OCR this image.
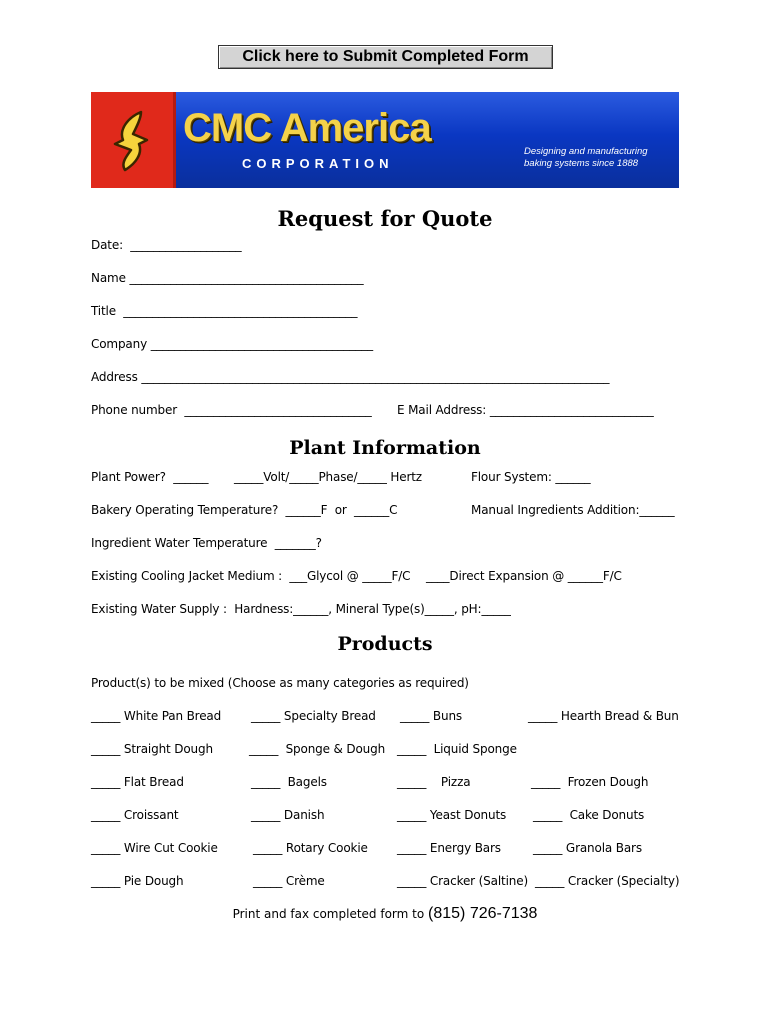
Click here to Submit Completed Form
CMC America
CORPORATION
Designing and manufacturing
baking systems since 1888
Request for Quote

Date:  ___________________

Name ________________________________________

Title  ________________________________________

Company ______________________________________

Address ________________________________________________________________________________

Phone number  ________________________________ E Mail Address: ____________________________
Plant Information
Plant Power?  ______ _____Volt/_____Phase/_____ Hertz	Flour System: ______
Bakery Operating Temperature?  ______F  or  ______C	Manual Ingredients Addition:______
Ingredient Water Temperature  _______?
Existing Cooling Jacket Medium :  ___Glycol @ _____F/C ____Direct Expansion @ ______F/C
Existing Water Supply :  Hardness:______, Mineral Type(s)_____, pH:_____
Products
Product(s) to be mixed (Choose as many categories as required)
_____ White Pan Bread _____ Specialty Bread _____ Buns	_____ Hearth Bread & Bun
_____ Straight Dough	_____  Sponge & Dough _____  Liquid Sponge
_____ Flat Bread	_____  Bagels	_____    Pizza	_____  Frozen Dough
_____ Croissant	_____ Danish	_____ Yeast Donuts _____  Cake Donuts
_____ Wire Cut Cookie	_____ Rotary Cookie _____ Energy Bars	_____ Granola Bars
_____ Pie Dough	_____ Crème	_____ Cracker (Saltine) _____ Cracker (Specialty)
Print and fax completed form to (815) 726-7138
